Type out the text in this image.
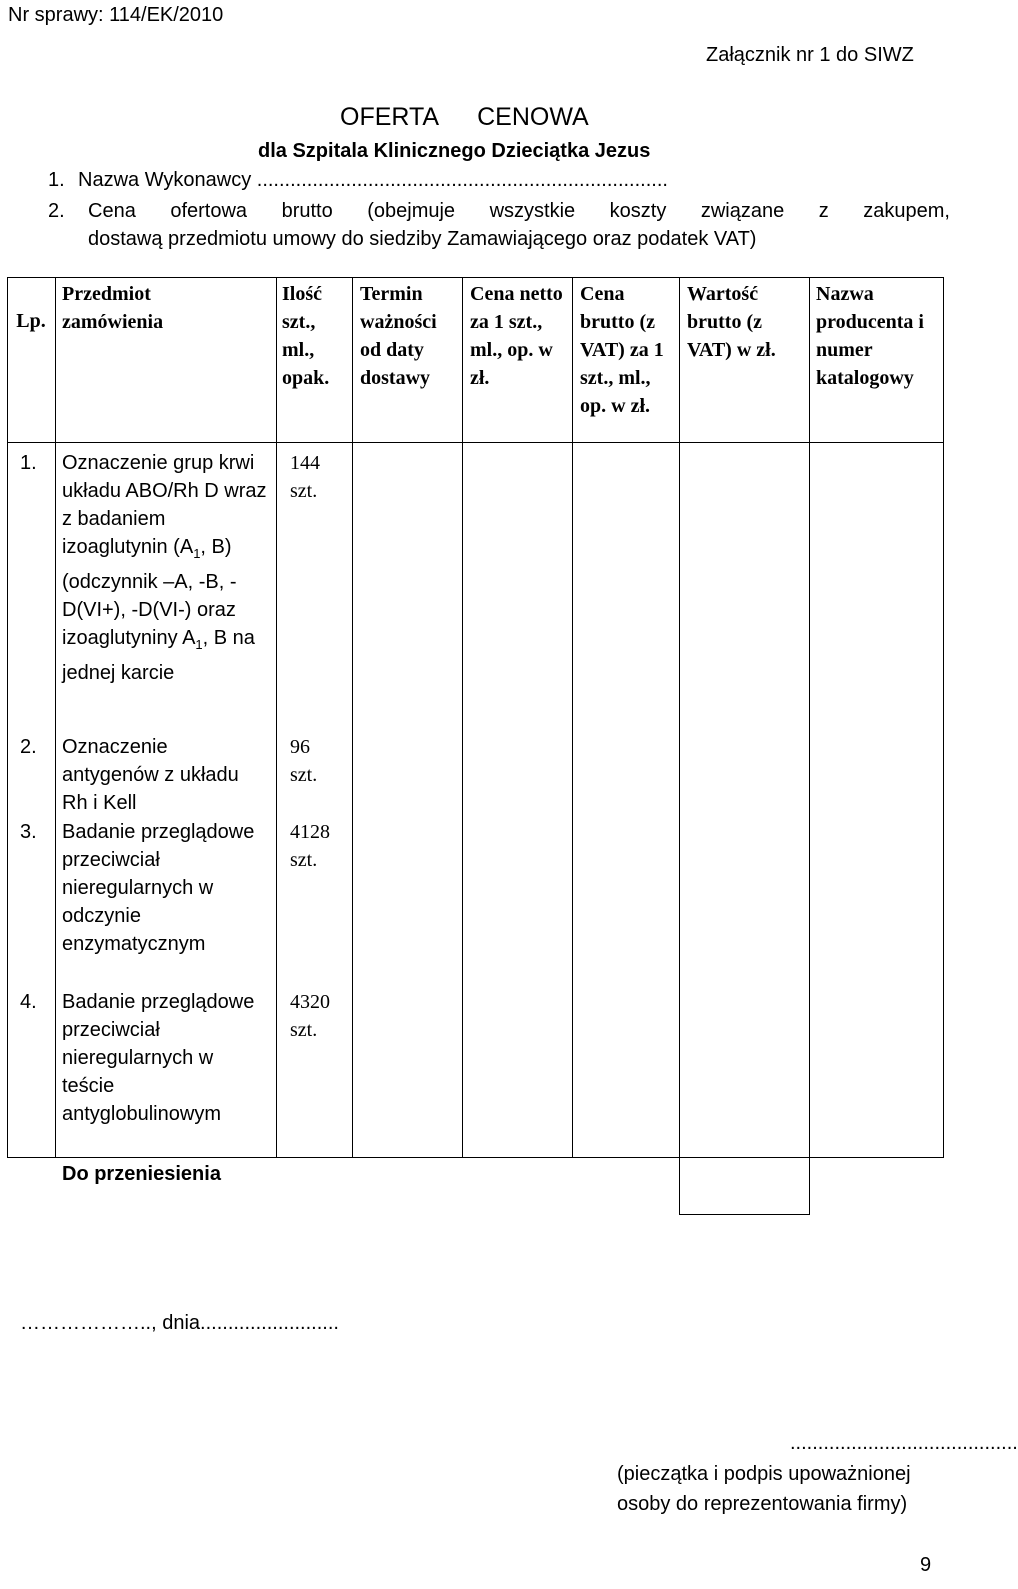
Nr sprawy: 114/EK/2010
Załącznik nr 1 do SIWZ
OFERTA CENOWA
dla Szpitala Klinicznego Dzieciątka Jezus
1. Nazwa Wykonawcy ..........................................................................
2. Cena ofertowa brutto (obejmuje wszystkie koszty związane z zakupem,
dostawą przedmiotu umowy do siedziby Zamawiającego oraz podatek VAT)
Lp.
Przedmiot zamówienia
Ilość szt., ml., opak.
Termin ważności od daty dostawy
Cena netto za 1 szt., ml., op. w zł.
Cena brutto (z VAT) za 1 szt., ml., op. w zł.
Wartość brutto (z VAT) w zł.
Nazwa producenta i numer katalogowy
1. Oznaczenie grup krwi układu ABO/Rh D wraz z badaniem izoaglutynin ($A_1$, B) (odczynnik –A, -B, -D(VI+), -D(VI-) oraz izoaglutyniny $A_1$, B na jednej karcie
144 szt.
2. Oznaczenie antygenów z układu Rh i Kell
96 szt.
3. Badanie przeglądowe przeciwciał nieregularnych w odczynie enzymatycznym
4128 szt.
4. Badanie przeglądowe przeciwciał nieregularnych w teście antyglobulinowym
4320 szt.
Do przeniesienia
……………….., dnia.........................
.........................................
(pieczątka i podpis upoważnionej
osoby do reprezentowania firmy)
9
